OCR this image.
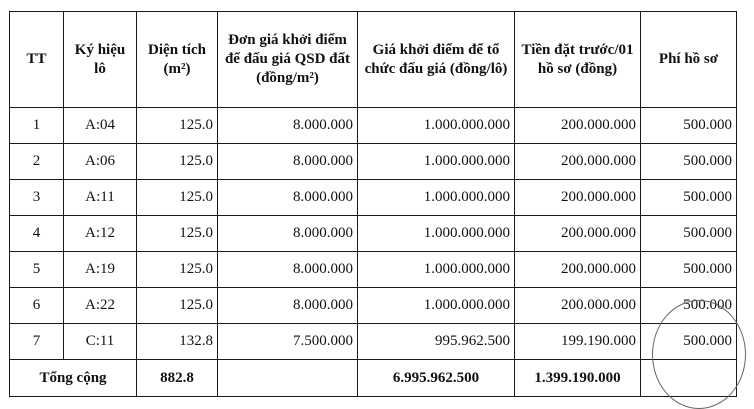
TT	Ký hiệu lô	Diện tích (m²)	Đơn giá khởi điểm để đấu giá QSD đất (đồng/m²)	Giá khởi điểm để tổ chức đấu giá (đồng/lô)	Tiền đặt trước/01 hồ sơ (đồng)	Phí hồ sơ
1	A:04	125.0	8.000.000	1.000.000.000	200.000.000	500.000
2	A:06	125.0	8.000.000	1.000.000.000	200.000.000	500.000
3	A:11	125.0	8.000.000	1.000.000.000	200.000.000	500.000
4	A:12	125.0	8.000.000	1.000.000.000	200.000.000	500.000
5	A:19	125.0	8.000.000	1.000.000.000	200.000.000	500.000
6	A:22	125.0	8.000.000	1.000.000.000	200.000.000	500.000
7	C:11	132.8	7.500.000	995.962.500	199.190.000	500.000
Tổng cộng		882.8		6.995.962.500	1.399.190.000	
